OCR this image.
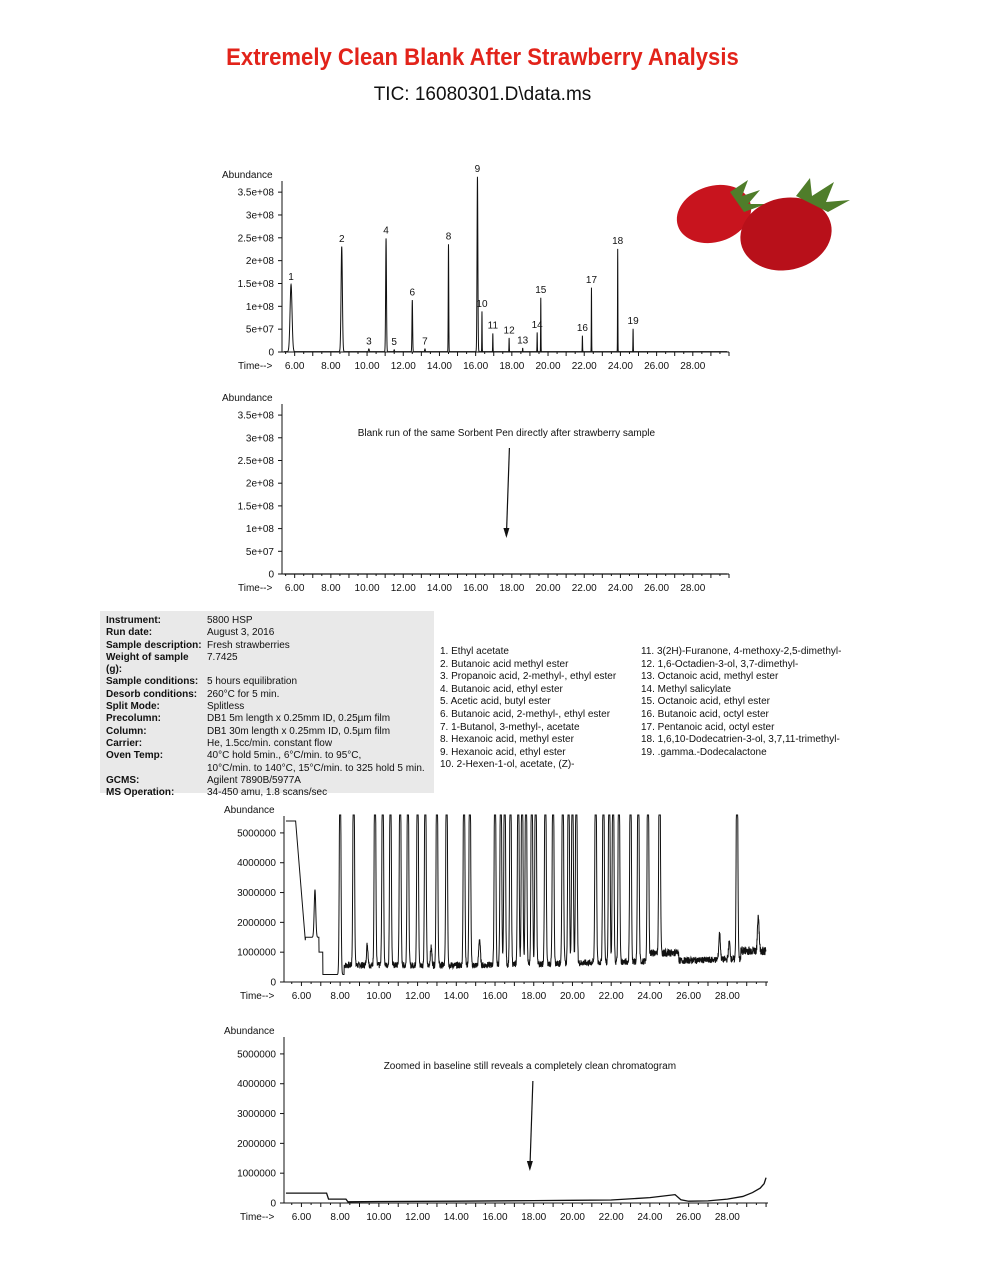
Extremely Clean Blank After Strawberry Analysis
TIC: 16080301.D\data.ms
Abundance
Time-->
0
5e+07
1e+08
1.5e+08
2e+08
2.5e+08
3e+08
3.5e+08
6.00 8.00 10.00 12.00 14.00 16.00 18.00 20.00 22.00 24.00 26.00 28.00
1
2
3
4
5
6
7
8
9
10
11 12
13
14
15
16
17
18
19
Abundance
Time-->
0
5e+07
1e+08
1.5e+08
2e+08
2.5e+08
3e+08
3.5e+08
6.00 8.00 10.00 12.00 14.00 16.00 18.00 20.00 22.00 24.00 26.00 28.00
Blank run of the same Sorbent Pen directly after strawberry sample
Instrument:	5800 HSP
Run date:	August 3, 2016
Sample description:	Fresh strawberries
Weight of sample (g):	7.7425
Sample conditions:	5 hours equilibration
Desorb conditions:	260°C for 5 min.
Split Mode:	Splitless
Precolumn:	DB1 5m length x 0.25mm ID, 0.25µm film
Column:	DB1 30m length x 0.25mm ID, 0.5µm film
Carrier:	He, 1.5cc/min. constant flow
Oven Temp:	40°C hold 5min., 6°C/min. to 95°C,
	10°C/min. to 140°C, 15°C/min. to 325 hold 5 min.
GCMS:	Agilent 7890B/5977A
MS Operation:	34-450 amu, 1.8 scans/sec
1. Ethyl acetate
2. Butanoic acid methyl ester
3. Propanoic acid, 2-methyl-, ethyl ester
4. Butanoic acid, ethyl ester
5. Acetic acid, butyl ester
6. Butanoic acid, 2-methyl-, ethyl ester
7. 1-Butanol, 3-methyl-, acetate
8. Hexanoic acid, methyl ester
9. Hexanoic acid, ethyl ester
10. 2-Hexen-1-ol, acetate, (Z)-
11. 3(2H)-Furanone, 4-methoxy-2,5-dimethyl-
12. 1,6-Octadien-3-ol, 3,7-dimethyl-
13. Octanoic acid, methyl ester
14. Methyl salicylate
15. Octanoic acid, ethyl ester
16. Butanoic acid, octyl ester
17. Pentanoic acid, octyl ester
18. 1,6,10-Dodecatrien-3-ol, 3,7,11-trimethyl-
19. .gamma.-Dodecalactone
Abundance
Time-->
0
1000000
2000000
3000000
4000000
5000000
6.00 8.00 10.00 12.00 14.00 16.00 18.00 20.00 22.00 24.00 26.00 28.00
Abundance
Time-->
0
1000000
2000000
3000000
4000000
5000000
6.00 8.00 10.00 12.00 14.00 16.00 18.00 20.00 22.00 24.00 26.00 28.00
Zoomed in baseline still reveals a completely clean chromatogram
